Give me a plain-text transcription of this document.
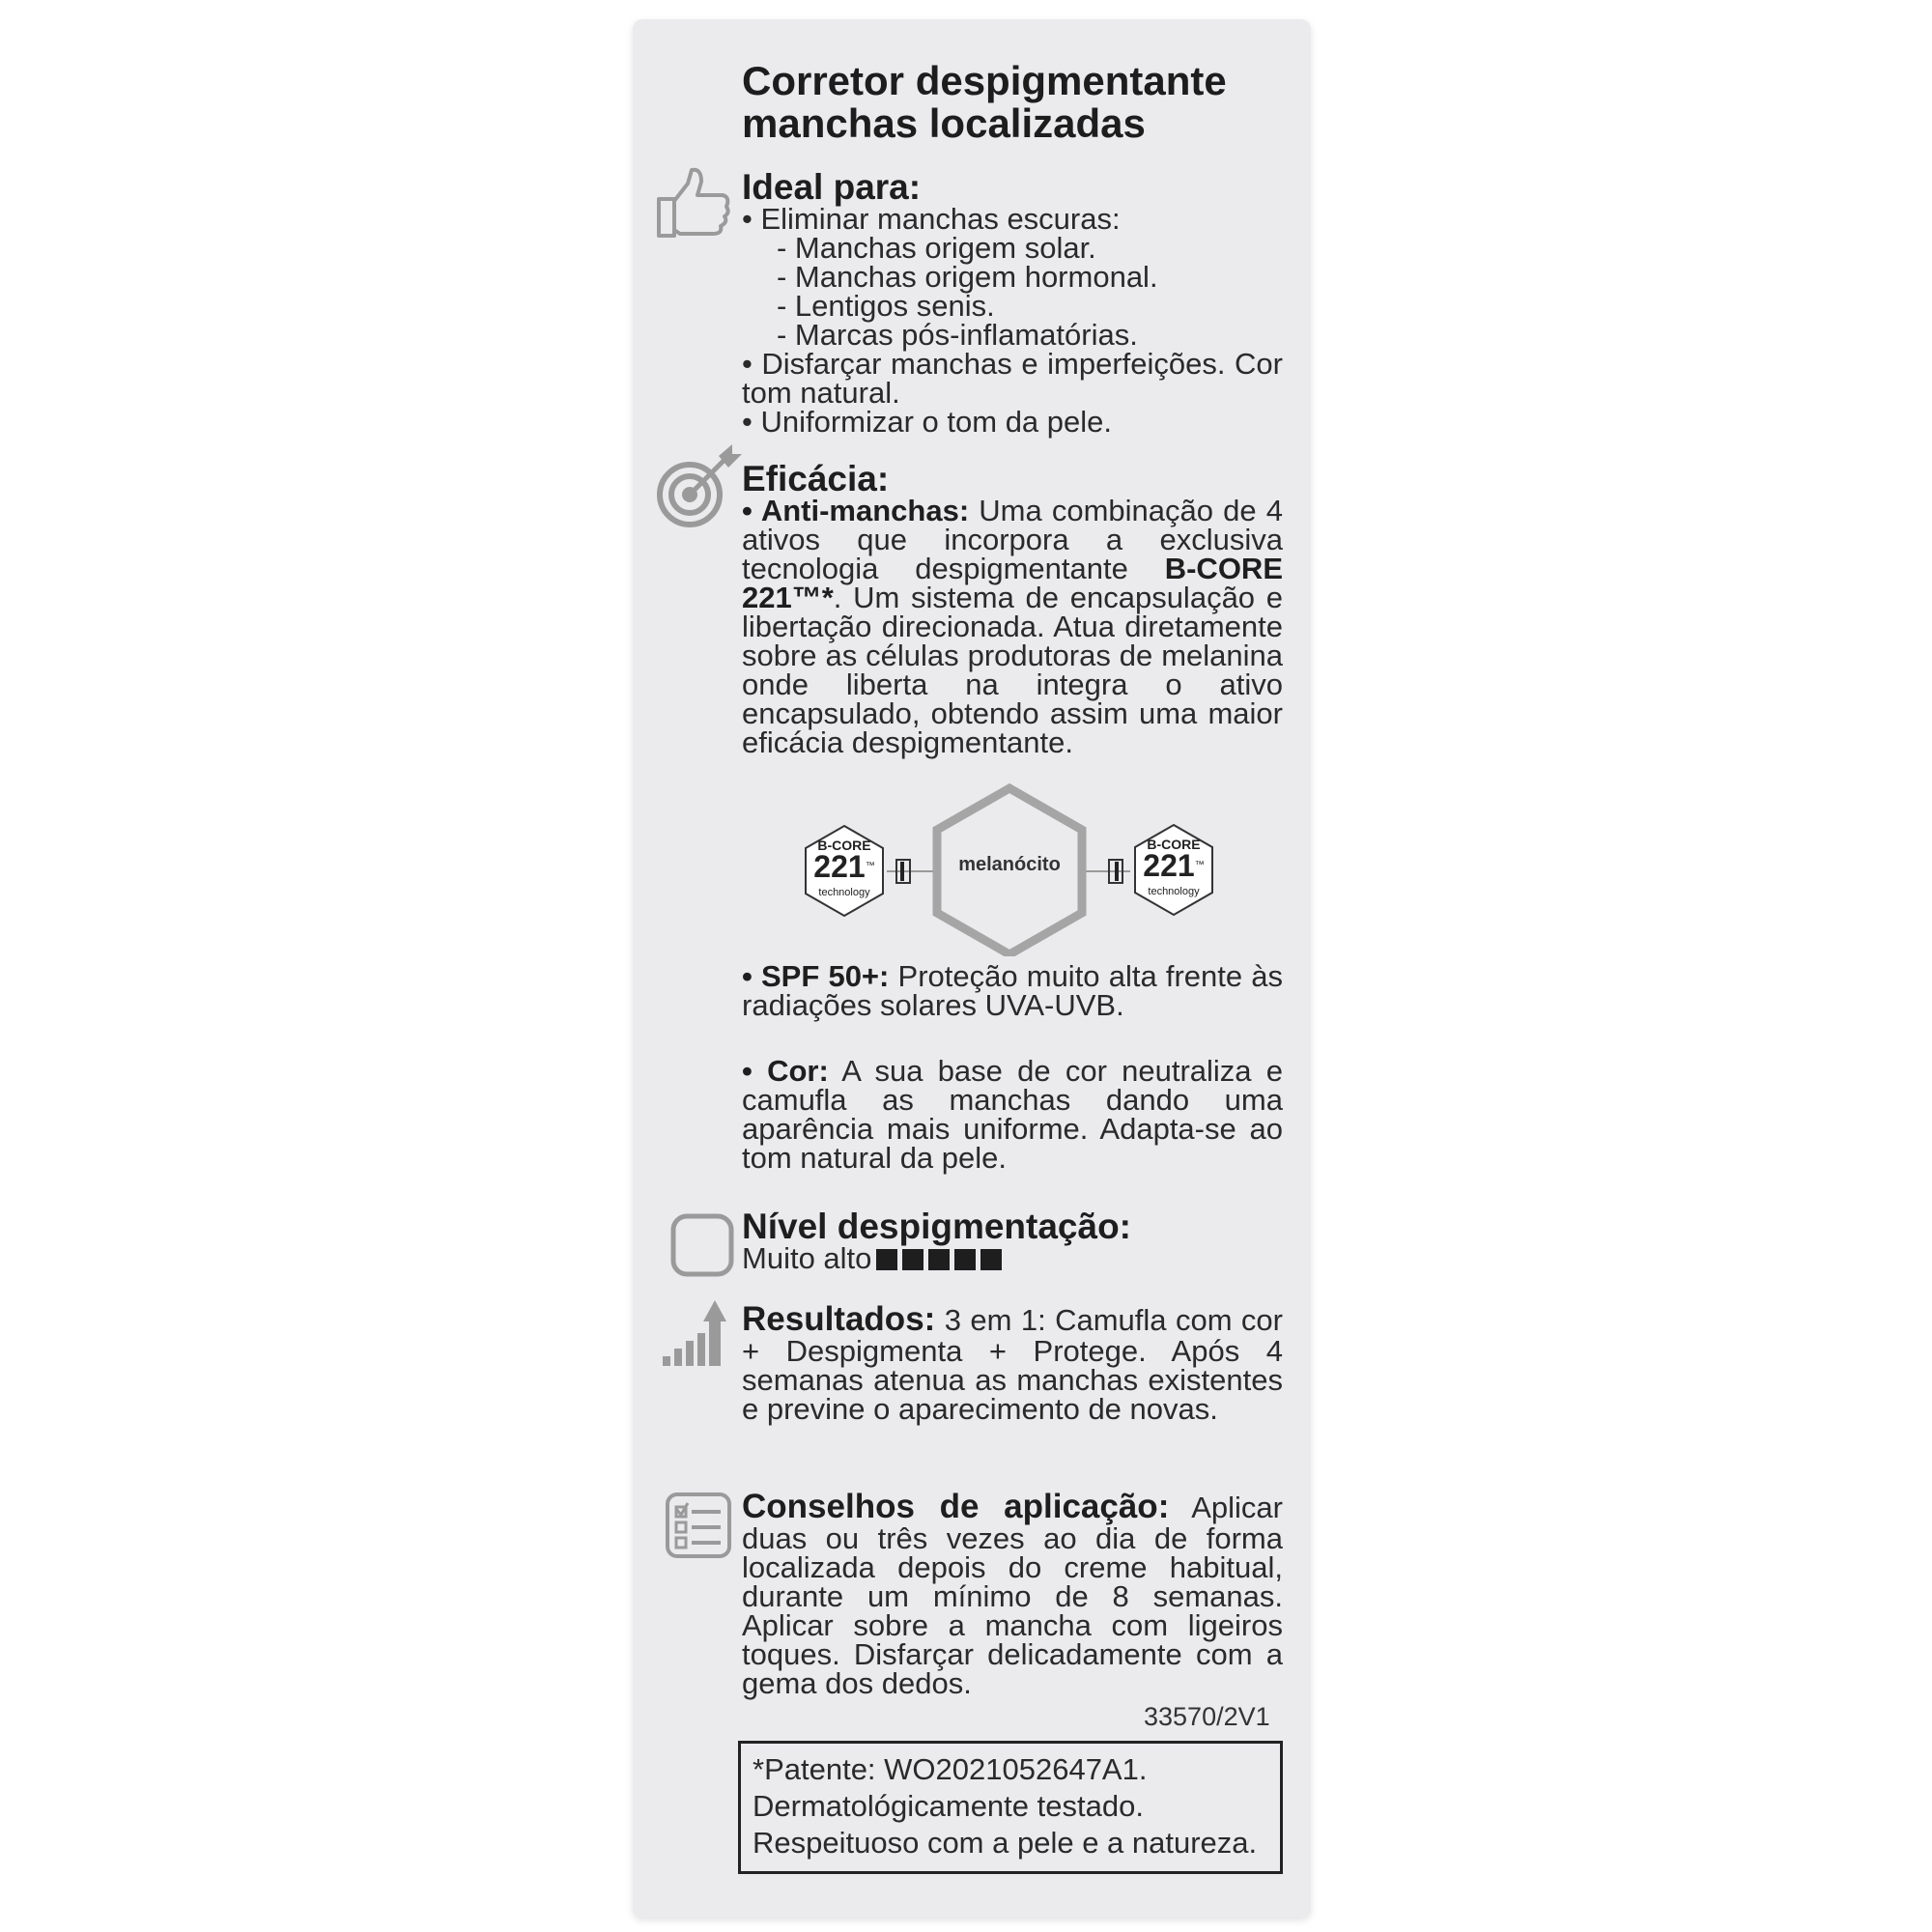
Corretor despigmentante
manchas localizadas
Ideal para:
• Eliminar manchas escuras:
- Manchas origem solar.
- Manchas origem hormonal.
- Lentigos senis.
- Marcas pós-inflamatórias.
• Disfarçar manchas e imperfeições. Cor tom natural.
• Uniformizar o tom da pele.
Eficácia:
• Anti-manchas: Uma combinação de 4 ativos que incorpora a exclusiva tecnologia despigmentante B-CORE 221™*. Um sistema de encapsulação e libertação direcionada. Atua diretamente sobre as células produtoras de melanina onde liberta na integra o ativo encapsulado, obtendo assim uma maior eficácia despigmentante.
B-CORE
221™
technology
B-CORE
221™
technology
melanócito
• SPF 50+: Proteção muito alta frente às radiações solares UVA-UVB.
• Cor: A sua base de cor neutraliza e camufla as manchas dando uma aparência mais uniforme. Adapta-se ao tom natural da pele.
Nível despigmentação:
Muito alto
Resultados: 3 em 1: Camufla com cor + Despigmenta + Protege. Após 4 semanas atenua as manchas existentes e previne o aparecimento de novas.
Conselhos de aplicação: Aplicar duas ou três vezes ao dia de forma localizada depois do creme habitual, durante um mínimo de 8 semanas. Aplicar sobre a mancha com ligeiros toques. Disfarçar delicadamente com a gema dos dedos.
33570/2V1
*Patente: WO2021052647A1.
Dermatológicamente testado.
Respeituoso com a pele e a natureza.
